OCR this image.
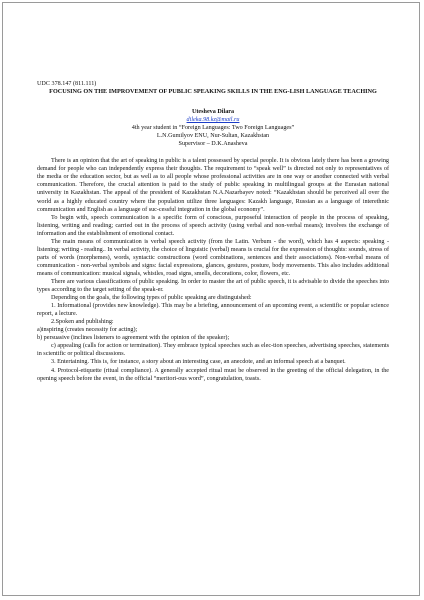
UDC 378.147 (811.111)

FOCUSING ON THE IMPROVEMENT OF PUBLIC SPEAKING SKILLS IN THE ENG-LISH LANGUAGE TEACHING

Utesheva Dilara

dileka.98.kz@mail.ru

4th year student in “Foreign Languages: Two Foreign Languages”

L.N.Gumilyov ENU, Nur-Sultan, Kazakhstan

Supervisor – D.K.Anasheva

There is an opinion that the art of speaking in public is a talent possessed by special people. It is obvious lately there has been a growing demand for people who can independently express their thoughts. The requirement to “speak well” is directed not only to representatives of the media or the education sector, but as well as to all people whose professional activities are in one way or another connected with verbal communication. Therefore, the crucial attention is paid to the study of public speaking in multilingual groups at the Eurasian national university in Kazakhstan. The appeal of the president of Kazakhstan N.A.Nazarbayev noted: “Kazakhstan should be perceived all over the world as a highly educated country where the population utilize three languages: Kazakh language, Russian as a language of interethnic communication and English as a language of suc-cessful integration in the global economy”.

To begin with, speech communication is a specific form of conscious, purposeful interaction of people in the process of speaking, listening, writing and reading; carried out in the process of speech activity (using verbal and non-verbal means); involves the exchange of information and the establishment of emotional contact.

The main means of communication is verbal speech activity (from the Latin. Verbum - the word), which has 4 aspects: speaking - listening; writing - reading.. In verbal activity, the choice of linguistic (verbal) means is crucial for the expression of thoughts: sounds, stress of parts of words (morphemes), words, syntactic constructions (word combinations, sentences and their associations). Non-verbal means of communication - non-verbal symbols and signs: facial expressions, glances, gestures, posture, body movements. This also includes additional means of communication: musical signals, whistles, road signs, smells, decorations, color, flowers, etc.

There are various classifications of public speaking. In order to master the art of public speech, it is advisable to divide the speeches into types according to the target setting of the speak-er.

Depending on the goals, the following types of public speaking are distinguished:

1. Informational (provides new knowledge). This may be a briefing, announcement of an upcoming event, a scientific or popular science report, a lecture.

2.Spoken and publishing:

a)inspiring (creates necessity for acting);

b) persuasive (inclines listeners to agreement with the opinion of the speaker);

c) appealing (calls for action or termination). They embrace typical speeches such as elec-tion speeches, advertising speeches, statements in scientific or political discussions.

3. Entertaining. This is, for instance, a story about an interesting case, an anecdote, and an informal speech at a banquet.

4. Protocol-etiquette (ritual compliance). A generally accepted ritual must be observed in the greeting of the official delegation, in the opening speech before the event, in the official “meritori-ous word”, congratulation, toasts.
